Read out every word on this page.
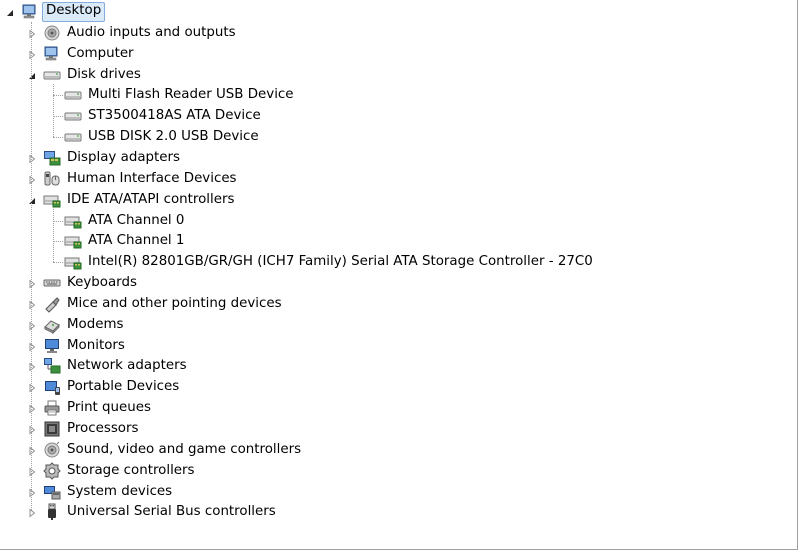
Desktop
Audio inputs and outputs
Computer
Disk drives
Multi Flash Reader USB Device
ST3500418AS ATA Device
USB DISK 2.0 USB Device
Display adapters
Human Interface Devices
IDE ATA/ATAPI controllers
ATA Channel 0
ATA Channel 1
Intel(R) 82801GB/GR/GH (ICH7 Family) Serial ATA Storage Controller - 27C0
Keyboards
Mice and other pointing devices
Modems
Monitors
Network adapters
Portable Devices
Print queues
Processors
Sound, video and game controllers
Storage controllers
System devices
Universal Serial Bus controllers
